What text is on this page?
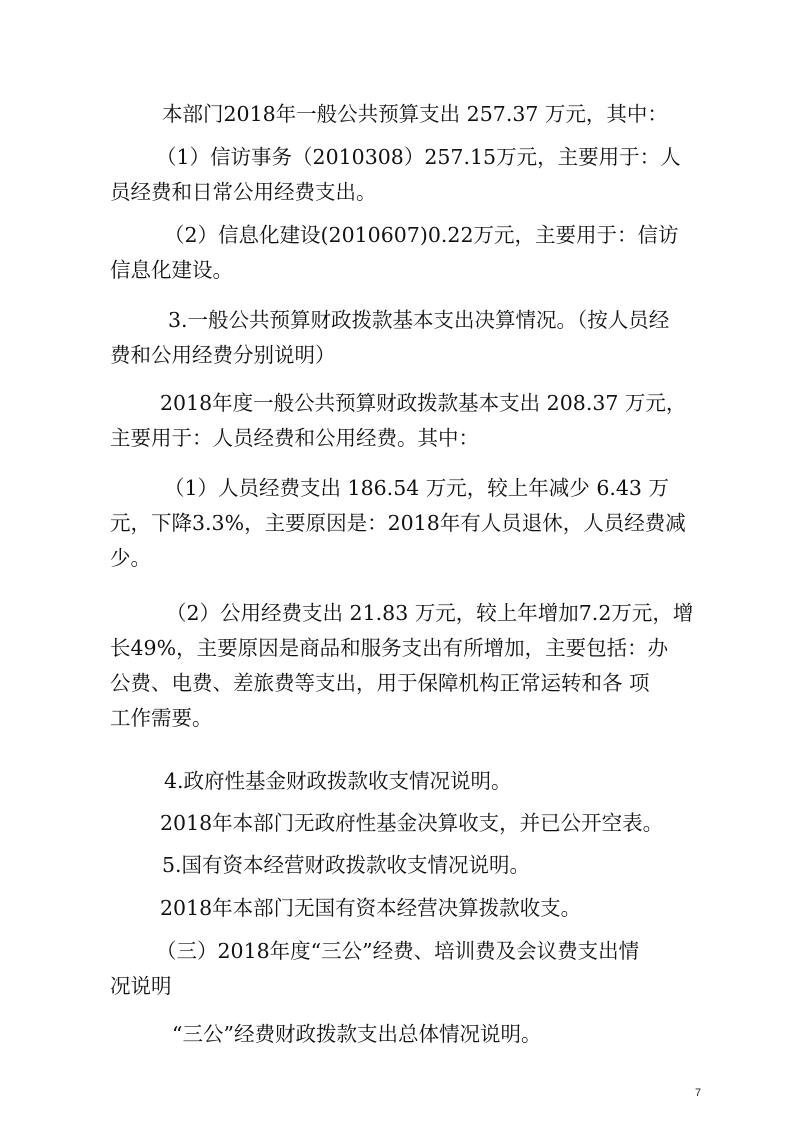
本部门2018年一般公共预算支出 257.37 万元，其中：

（1）信访事务（2010308）257.15万元，主要用于：人
员经费和日常公用经费支出。

（2）信息化建设(2010607)0.22万元，主要用于：信访
信息化建设。

3.一般公共预算财政拨款基本支出决算情况。（按人员经
费和公用经费分别说明）

2018年度一般公共预算财政拨款基本支出 208.37 万元，
主要用于：人员经费和公用经费。其中：

（1）人员经费支出 186.54 万元，较上年减少 6.43 万
元，下降3.3%，主要原因是：2018年有人员退休，人员经费减
少。

（2）公用经费支出 21.83 万元，较上年增加7.2万元，增
长49%，主要原因是商品和服务支出有所增加，主要包括：办
公费、电费、差旅费等支出，用于保障机构正常运转和各 项
工作需要。

4.政府性基金财政拨款收支情况说明。

2018年本部门无政府性基金决算收支，并已公开空表。

5.国有资本经营财政拨款收支情况说明。

2018年本部门无国有资本经营决算拨款收支。

（三）2018年度“三公”经费、培训费及会议费支出情
况说明

“三公”经费财政拨款支出总体情况说明。

7
